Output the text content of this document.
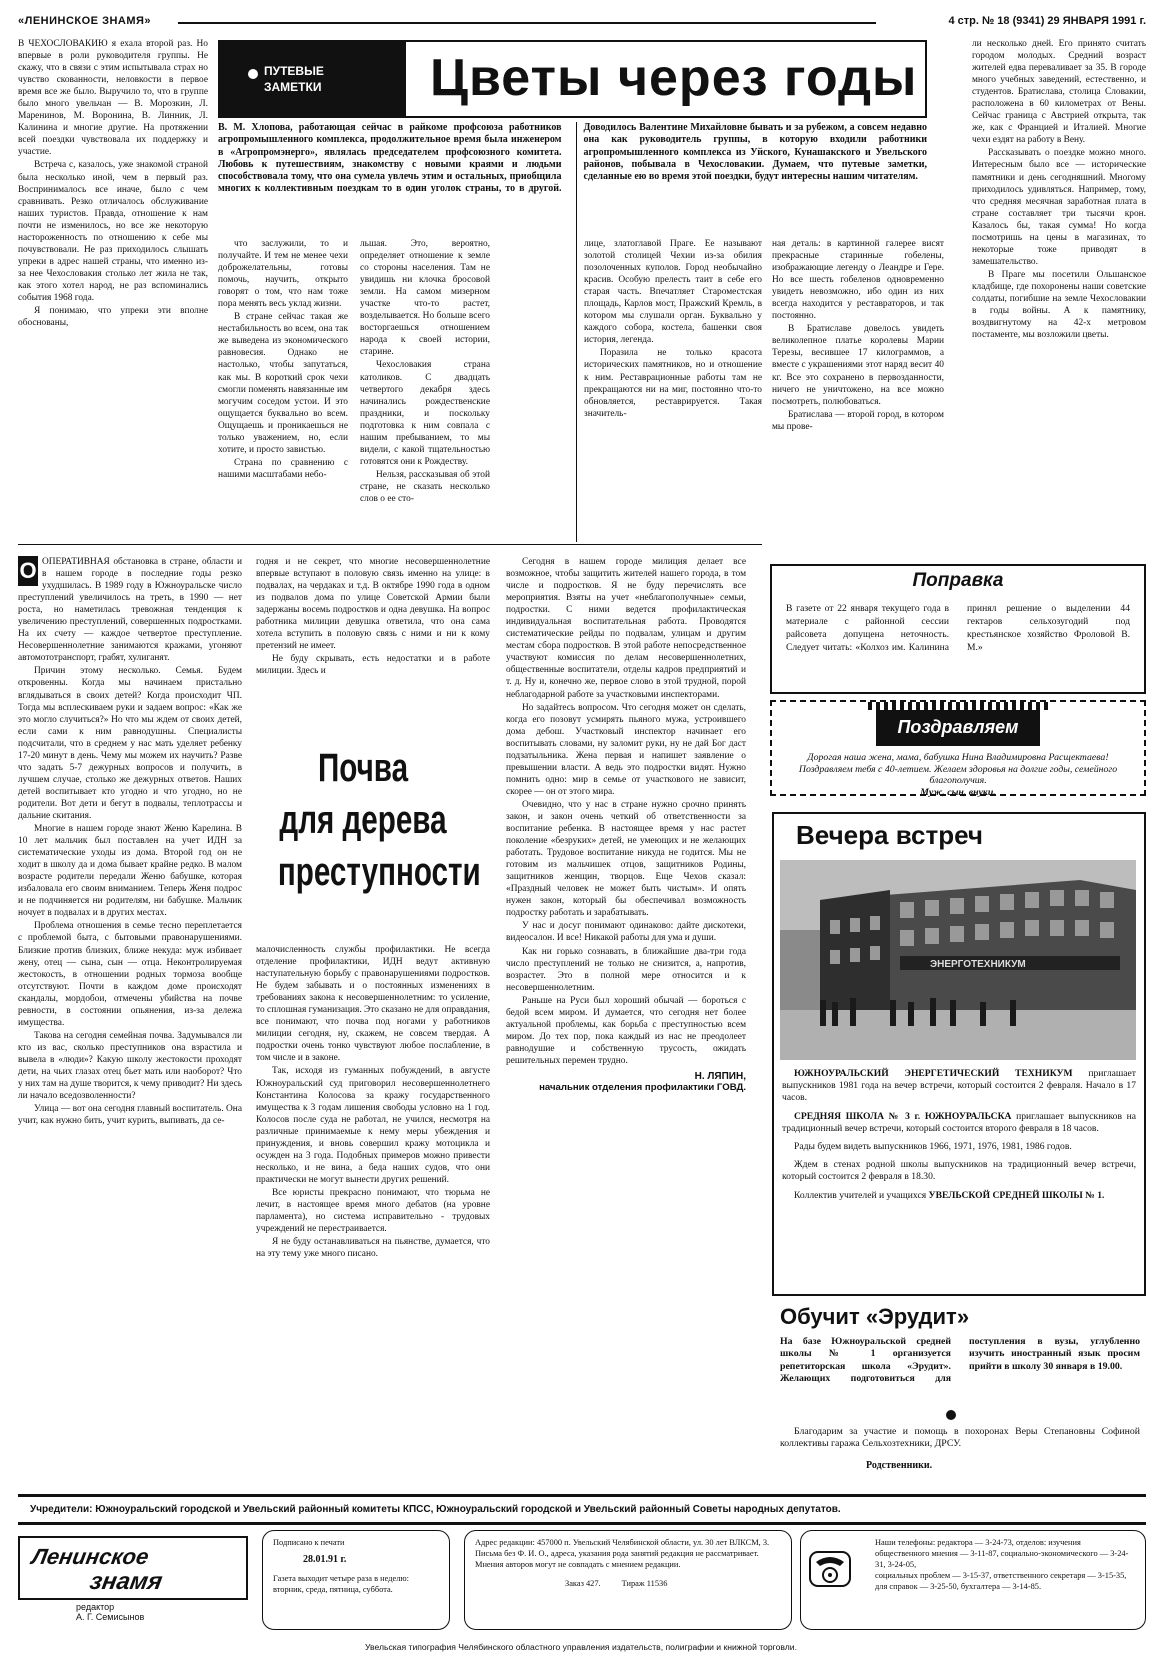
«ЛЕНИНСКОЕ ЗНАМЯ»	4 стр. № 18 (9341) 29 ЯНВАРЯ 1991 г.

В ЧЕХОСЛОВАКИЮ я ехала второй раз. Но впервые в роли руководителя группы. Не скажу, что в связи с этим испытывала страх но чувство скованности, неловкости в первое время все же было. Выручило то, что в группе было много увельчан — В. Морозкин, Л. Маренинов, М. Воронина, В. Линник, Л. Калинина и многие другие. На протяжении всей поездки чувствовала их поддержку и участие.

Встреча с, казалось, уже знакомой страной была несколько иной, чем в первый раз. Воспринималось все иначе, было с чем сравнивать. Резко отличалось обслуживание наших туристов. Правда, отношение к нам почти не изменилось, но все же некоторую настороженность по отношению к себе мы почувствовали. Не раз приходилось слышать упреки в адрес нашей страны, что именно из-за нее Чехословакия столько лет жила не так, как этого хотел народ, не раз вспоминались события 1968 года.

Я понимаю, что упреки эти вполне обоснованы,

ПУТЕВЫЕ
ЗАМЕТКИ Цветы через годы
В. М. Хлопова, работающая сейчас в райкоме профсоюза работников агропромышленного комплекса, продолжительное время была инженером в «Агропромэнерго», являлась председателем профсоюзного комитета. Любовь к путешествиям, знакомству с новыми краями и людьми способствовала тому, что она сумела увлечь этим и остальных, приобщила многих к коллективным поездкам то в один уголок страны, то в другой. Доводилось Валентине Михайловне бывать и за рубежом, а совсем недавно она как руководитель группы, в которую входили работники агропромышленного комплекса из Уйского, Кунашакского и Увельского районов, побывала в Чехословакии. Думаем, что путевые заметки, сделанные ею во время этой поездки, будут интересны нашим читателям.

что заслужили, то и получайте. И тем не менее чехи доброжелательны, готовы помочь, научить, открыто говорят о том, что нам тоже пора менять весь уклад жизни.

В стране сейчас такая же нестабильность во всем, она так же выведена из экономического равновесия. Однако не настолько, чтобы запутаться, как мы. В короткий срок чехи смогли поменять навязанные им могучим соседом устои. И это ощущается буквально во всем. Ощущаешь и проникаешься не только уважением, но, если хотите, и просто завистью.

Страна по сравнению с нашими масштабами небо-

льшая. Это, вероятно, определяет отношение к земле со стороны населения. Там не увидишь ни клочка бросовой земли. На самом мизерном участке что-то растет, возделывается. Но больше всего восторгаешься отношением народа к своей истории, старине.

Чехословакия страна католиков. С двадцать четвертого декабря здесь начинались рождественские праздники, и поскольку подготовка к ним совпала с нашим пребыванием, то мы видели, с какой тщательностью готовятся они к Рождеству.

Нельзя, рассказывая об этой стране, не сказать несколько слов о ее сто-

лице, златоглавой Праге. Ее называют золотой столицей Чехии из-за обилия позолоченных куполов. Город необычайно красив. Особую прелесть таит в себе его старая часть. Впечатляет Староместская площадь, Карлов мост, Пражский Кремль, в котором мы слушали орган. Буквально у каждого собора, костела, башенки своя история, легенда.

Поразила не только красота исторических памятников, но и отношение к ним. Реставрационные работы там не прекращаются ни на миг, постоянно что-то обновляется, реставрируется. Такая значитель-

ная деталь: в картинной галерее висят прекрасные старинные гобелены, изображающие легенду о Леандре и Гере. Но все шесть гобеленов одновременно увидеть невозможно, ибо один из них всегда находится у реставраторов, и так постоянно.

В Братиславе довелось увидеть великолепное платье королевы Марии Терезы, весившее 17 килограммов, а вместе с украшениями этот наряд весит 40 кг. Все это сохранено в первозданности, ничего не уничтожено, на все можно посмотреть, полюбоваться.

Братислава — второй город, в котором мы прове-

ли несколько дней. Его принято считать городом молодых. Средний возраст жителей едва переваливает за 35. В городе много учебных заведений, естественно, и студентов. Братислава, столица Словакии, расположена в 60 километрах от Вены. Сейчас граница с Австрией открыта, так же, как с Францией и Италией. Многие чехи ездят на работу в Вену.

Рассказывать о поездке можно много. Интересным было все — исторические памятники и день сегодняшний. Многому приходилось удивляться. Например, тому, что средняя месячная заработная плата в стране составляет три тысячи крон. Казалось бы, такая сумма! Но когда посмотришь на цены в магазинах, то некоторые тоже приводят в замешательство.

В Праге мы посетили Ольшанское кладбище, где похоронены наши советские солдаты, погибшие на земле Чехословакии в годы войны. А к памятнику, воздвигнутому на 42-х метровом постаменте, мы возложили цветы.

О ОПЕРАТИВНАЯ обстановка в стране, области и в нашем городе в последние годы резко ухудшилась. В 1989 году в Южноуральске число преступлений увеличилось на треть, в 1990 — нет роста, но наметилась тревожная тенденция к увеличению преступлений, совершенных подростками. На их счету — каждое четвертое преступление. Несовершеннолетние занимаются кражами, угоняют автомототранспорт, грабят, хулиганят.

Причин этому несколько. Семья. Будем откровенны. Когда мы начинаем пристально вглядываться в своих детей? Когда происходит ЧП. Тогда мы всплескиваем руки и задаем вопрос: «Как же это могло случиться?» Но что мы ждем от своих детей, если сами к ним равнодушны. Специалисты подсчитали, что в среднем у нас мать уделяет ребенку 17-20 минут в день. Чему мы можем их научить? Разве что задать 5-7 дежурных вопросов и получить, в лучшем случае, столько же дежурных ответов. Наших детей воспитывает кто угодно и что угодно, но не родители. Вот дети и бегут в подвалы, теплотрассы и дальние скитания.

Многие в нашем городе знают Женю Карелина. В 10 лет мальчик был поставлен на учет ИДН за систематические уходы из дома. Второй год он не ходит в школу да и дома бывает крайне редко. В малом возрасте родители передали Женю бабушке, которая избаловала его своим вниманием. Теперь Женя подрос и не подчиняется ни родителям, ни бабушке. Мальчик ночует в подвалах и в других местах.

Проблема отношения в семье тесно переплетается с проблемой быта, с бытовыми правонарушениями. Близкие против близких, ближе некуда: муж избивает жену, отец — сына, сын — отца. Неконтролируемая жестокость, в отношении родных тормоза вообще отсутствуют. Почти в каждом доме происходят скандалы, мордобои, отмечены убийства на почве ревности, в состоянии опьянения, из-за дележа имущества.

Такова на сегодня семейная почва. Задумывался ли кто из вас, сколько преступников она взрастила и вывела в «люди»? Какую школу жестокости проходят дети, на чьих глазах отец бьет мать или наоборот? Что у них там на душе творится, к чему приводит? Ни здесь ли начало вседозволенности?

Улица — вот она сегодня главный воспитатель. Она учит, как нужно бить, учит курить, выпивать, да се-

годня и не секрет, что многие несовершеннолетние впервые вступают в половую связь именно на улице: в подвалах, на чердаках и т.д. В октябре 1990 года в одном из подвалов дома по улице Советской Армии были задержаны восемь подростков и одна девушка. На вопрос работника милиции девушка ответила, что она сама хотела вступить в половую связь с ними и ни к кому претензий не имеет.

Не буду скрывать, есть недостатки и в работе милиции. Здесь и

Почва
для дерева
преступности

малочисленность службы профилактики. Не всегда отделение профилактики, ИДН ведут активную наступательную борьбу с правонарушениями подростков. Не будем забывать и о постоянных изменениях в требованиях закона к несовершеннолетним: то усиление, то сплошная гуманизация. Это сказано не для оправдания, все понимают, что почва под ногами у работников милиции сегодня, ну, скажем, не совсем твердая. А подростки очень тонко чувствуют любое послабление, в том числе и в законе.

Так, исходя из гуманных побуждений, в августе Южноуральский суд приговорил несовершеннолетнего Константина Колосова за кражу государственного имущества к 3 годам лишения свободы условно на 1 год. Колосов после суда не работал, не учился, несмотря на различные принимаемые к нему меры убеждения и принуждения, и вновь совершил кражу мотоцикла и осужден на 3 года. Подобных примеров можно привести несколько, и не вина, а беда наших судов, что они практически не могут вынести других решений.

Все юристы прекрасно понимают, что тюрьма не лечит, в настоящее время много дебатов (на уровне парламента), но система исправительно - трудовых учреждений не перестраивается.

Я не буду останавливаться на пьянстве, думается, что на эту тему уже много писано.

Сегодня в нашем городе милиция делает все возможное, чтобы защитить жителей нашего города, в том числе и подростков. Я не буду перечислять все мероприятия. Взяты на учет «неблагополучные» семьи, подростки. С ними ведется профилактическая индивидуальная воспитательная работа. Проводятся систематические рейды по подвалам, улицам и другим местам сбора подростков. В этой работе непосредственное участвуют комиссия по делам несовершеннолетних, общественные воспитатели, отделы кадров предприятий и т. д. Ну и, конечно же, первое слово в этой трудной, порой неблагодарной работе за участковыми инспекторами.

Но задайтесь вопросом. Что сегодня может он сделать, когда его позовут усмирять пьяного мужа, устроившего дома дебош. Участковый инспектор начинает его воспитывать словами, ну заломит руки, ну не дай Бог даст подзатыльника. Жена первая и напишет заявление о превышении власти. А ведь это подростки видят. Нужно помнить одно: мир в семье от участкового не зависит, скорее — он от этого мира.

Очевидно, что у нас в стране нужно срочно принять закон, и закон очень четкий об ответственности за воспитание ребенка. В настоящее время у нас растет поколение «безруких» детей, не умеющих и не желающих работать. Трудовое воспитание никуда не годится. Мы не готовим из мальчишек отцов, защитников Родины, защитников женщин, творцов. Еще Чехов сказал: «Праздный человек не может быть чистым». И опять нужен закон, который бы обеспечивал возможность подростку работать и зарабатывать.

У нас и досуг понимают одинаково: дайте дискотеки, видеосалон. И все! Никакой работы для ума и души.

Как ни горько сознавать, в ближайшие два-три года число преступлений не только не снизится, а, напротив, возрастет. Это в полной мере относится и к несовершеннолетним.

Раньше на Руси был хороший обычай — бороться с бедой всем миром. И думается, что сегодня нет более актуальной проблемы, как борьба с преступностью всем миром. До тех пор, пока каждый из нас не преодолеет равнодушие и собственную трусость, ожидать решительных перемен трудно.

Н. ЛЯПИН,

начальник отделения профилактики ГОВД.

Поправка
В газете от 22 января текущего года в материале с районной сессии райсовета допущена неточность. Следует читать: «Колхоз им. Калинина принял решение о выделении 44 гектаров сельхозугодий под крестьянское хозяйство Фроловой В. М.»
Поздравляем
Дорогая наша жена, мама, бабушка Нина Владимировна Расщектаева! Поздравляем тебя с 40-летием. Желаем здоровья на долгие годы, семейного благополучия.
Муж, сын, внуки.
Вечера встреч
ЭНЕРГОТЕХНИКУМ

ЮЖНОУРАЛЬСКИЙ ЭНЕРГЕТИЧЕСКИЙ ТЕХНИКУМ приглашает выпускников 1981 года на вечер встречи, который состоится 2 февраля. Начало в 17 часов.

СРЕДНЯЯ ШКОЛА № 3 г. ЮЖНОУРАЛЬСКА приглашает выпускников на традиционный вечер встречи, который состоится второго февраля в 18 часов.

Рады будем видеть выпускников 1966, 1971, 1976, 1981, 1986 годов.

Ждем в стенах родной школы выпускников на традиционный вечер встречи, который состоится 2 февраля в 18.30.

Коллектив учителей и учащихся УВЕЛЬСКОЙ СРЕДНЕЙ ШКОЛЫ № 1.

Обучит «Эрудит»
На базе Южноуральской средней школы № 1 организуется репетиторская школа «Эрудит». Желающих подготовиться для поступления в вузы, углубленно изучить иностранный язык просим прийти в школу 30 января в 19.00.
Благодарим за участие и помощь в похоронах Веры Степановны Софиной коллективы гаража Сельхозтехники, ДРСУ.
Родственники.
Учредители: Южноуральский городской и Увельский районный комитеты КПСС, Южноуральский городской и Увельский районный Советы народных депутатов.
Ленинское
знамя
редактор
А. Г. Семисынов
Подписано к печати
28.01.91 г.
Газета выходит четыре раза в неделю: вторник, среда, пятница, суббота.
Адрес редакции: 457000 п. Увельский Челябинской области, ул. 30 лет ВЛКСМ, 3.
Письма без Ф. И. О., адреса, указания рода занятий редакция не рассматривает.
Мнения авторов могут не совпадать с мнением редакции.
Заказ 427. Тираж 11536
Наши телефоны: редактора — 3-24-73, отделов: изучения общественного мнения — 3-11-87, социально-экономического — 3-24-31, 3-24-05,
социальных проблем — 3-15-37, ответственного секретаря — 3-15-35, для справок — 3-25-50, бухгалтера — 3-14-85.
Увельская типография Челябинского областного управления издательств, полиграфии и книжной торговли.
